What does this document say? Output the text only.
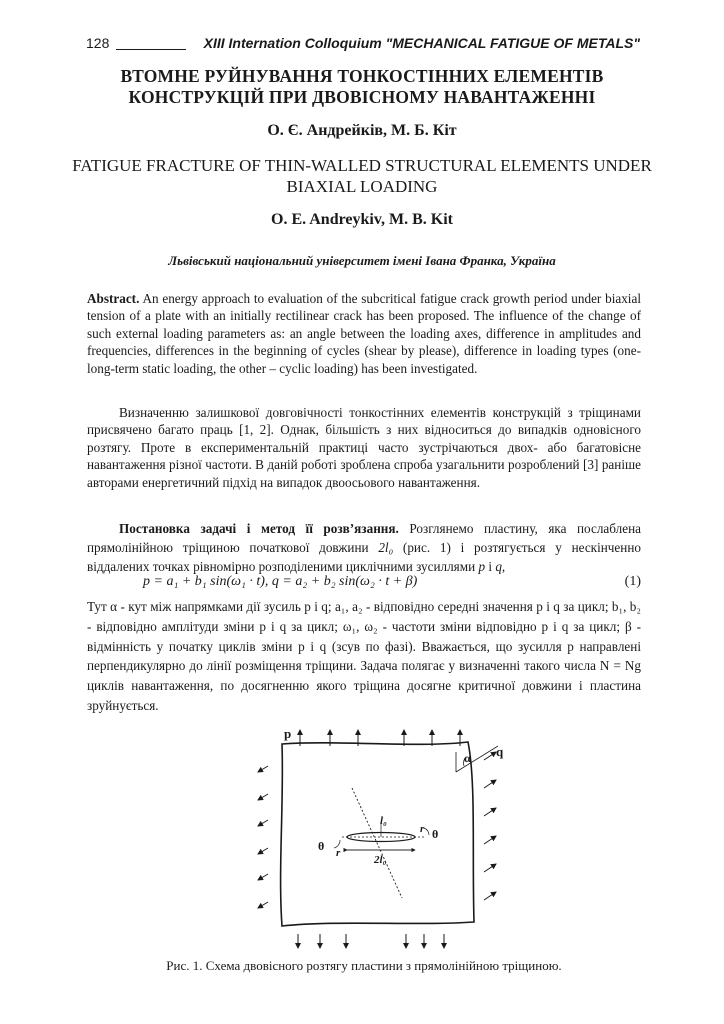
128	XIII Internation Colloquium "MECHANICAL FATIGUE OF METALS"
ВТОМНЕ РУЙНУВАННЯ ТОНКОСТІННИХ ЕЛЕМЕНТІВ КОНСТРУКЦІЙ ПРИ ДВОВІСНОМУ НАВАНТАЖЕННІ
О. Є. Андрейків, М. Б. Кіт
FATIGUE FRACTURE OF THIN-WALLED STRUCTURAL ELEMENTS UNDER BIAXIAL LOADING
O. E. Andreykiv, M. B. Kit
Львівський національний університет імені Івана Франка, Україна
Abstract. An energy approach to evaluation of the subcritical fatigue crack growth period under biaxial tension of a plate with an initially rectilinear crack has been proposed. The influence of the change of such external loading parameters as: an angle between the loading axes, difference in amplitudes and frequencies, differences in the beginning of cycles (shear by please), difference in loading types (one-long-term static loading, the other – cyclic loading) has been investigated.
Визначенню залишкової довговічності тонкостінних елементів конструкцій з тріщинами присвячено багато праць [1, 2]. Однак, більшість з них відноситься до випадків одновісного розтягу. Проте в експериментальній практиці часто зустрічаються двох- або багатовісне навантаження різної частоти. В даній роботі зроблена спроба узагальнити розроблений [3] раніше авторами енергетичний підхід на випадок двоосьового навантаження.
Постановка задачі і метод її розв’язання. Розглянемо пластину, яка послаблена прямолінійною тріщиною початкової довжини 2l₀ (рис. 1) і розтягується у нескінченно віддалених точках рівномірно розподіленими циклічними зусиллями p і q,
p = a₁ + b₁ sin(ω₁ · t), q = a₂ + b₂ sin(ω₂ · t + β)	(1)
Тут α - кут між напрямками дії зусиль p і q; a₁, a₂ - відповідно середні значення p і q за цикл; b₁, b₂ - відповідно амплітуди зміни p і q за цикл; ω₁, ω₂ - частоти зміни відповідно p і q за цикл; β - відмінність у початку циклів зміни p і q (зсув по фазі). Вважається, що зусилля p направлені перпендикулярно до лінії розміщення тріщини. Задача полягає у визначенні такого числа N = Ng циклів навантаження, по досягненню якого тріщина досягне критичної довжини і пластина зруйнується.
p
q
α
θ
θ
r
r
l₀
2l₀
Рис. 1. Схема двовісного розтягу пластини з прямолінійною тріщиною.
